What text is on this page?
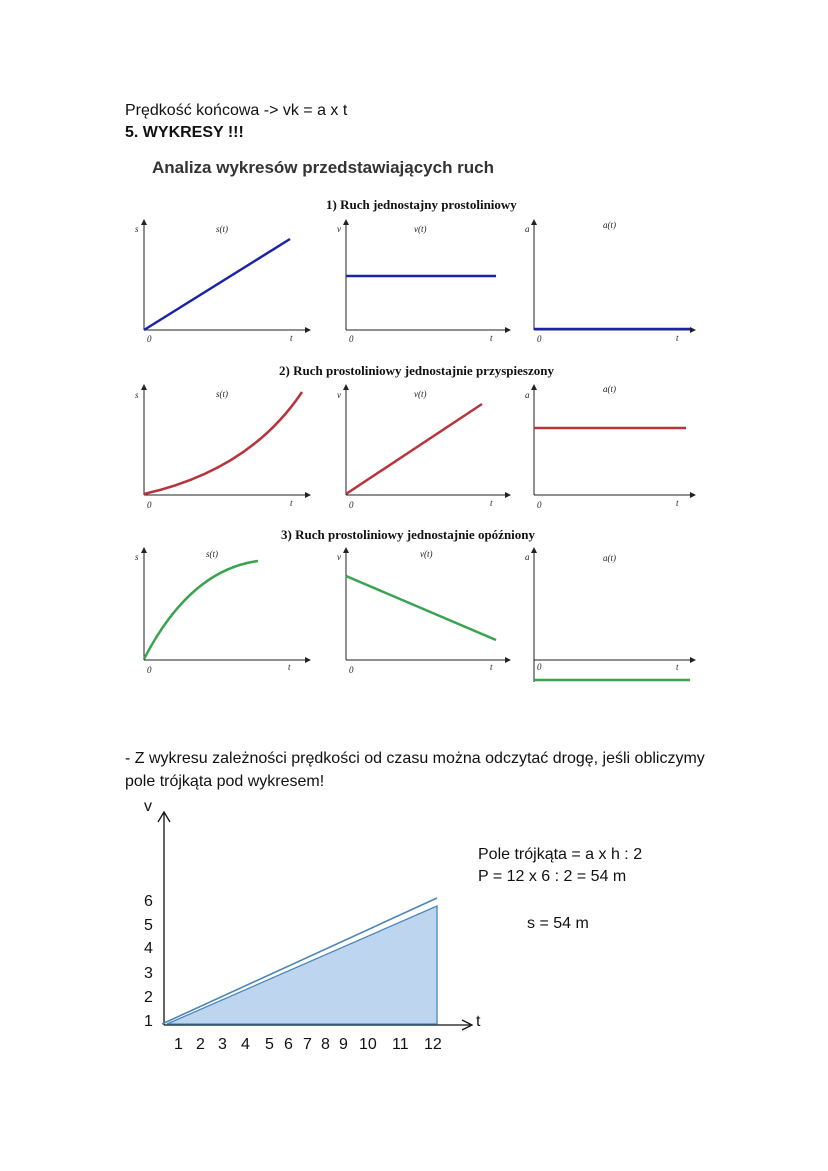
Prędkość końcowa -> vk = a x t
5. WYKRESY !!!
Analiza wykresów przedstawiających ruch
1) Ruch jednostajny prostoliniowy
2) Ruch prostoliniowy jednostajnie przyspieszony
3) Ruch prostoliniowy jednostajnie opóźniony
s
0	t
s(t)	v
0	t
v(t)	a
0	t
a(t)
s
0	t
s(t)	v
0	t
v(t)	a
0	t
a(t)
s
0	t
s(t)	v
0	t
v(t)	a
0	t
a(t)
v
t
1
2
3
4
5
6
1 2 3 4 5 6 7 8 9 10 11 12
- Z wykresu zależności prędkości od czasu można odczytać drogę, jeśli obliczymy pole trójkąta pod wykresem!
Pole trójkąta = a x h : 2
P = 12 x 6 : 2 = 54 m
s = 54 m
